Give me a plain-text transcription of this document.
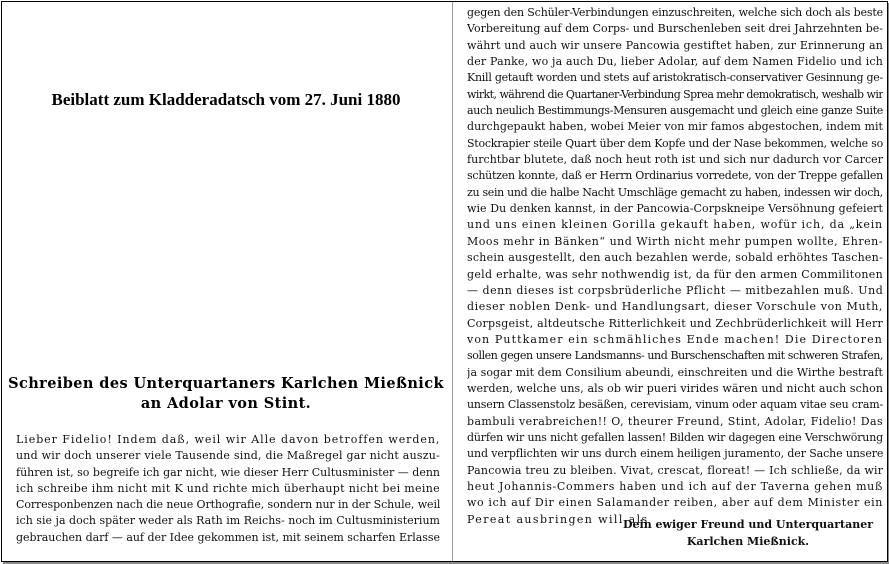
Beiblatt zum Kladderadatsch vom 27. Juni 1880
Schreiben des Unterquartaners Karlchen Mießnick
an Adolar von Stint.
Lieber Fidelio! Indem daß, weil wir Alle davon betroffen werden,
und wir doch unserer viele Tausende sind, die Maßregel gar nicht auszu-
führen ist, so begreife ich gar nicht, wie dieser Herr Cultusminister — denn
ich schreibe ihm nicht mit K und richte mich überhaupt nicht bei meine
Corresponbenzen nach die neue Orthografie, sondern nur in der Schule, weil
ich sie ja doch später weder als Rath im Reichs- noch im Cultusministerium
gebrauchen darf — auf der Idee gekommen ist, mit seinem scharfen Erlasse
gegen den Schüler-Verbindungen einzuschreiten, welche sich doch als beste
Vorbereitung auf dem Corps- und Burschenleben seit drei Jahrzehnten be-
währt und auch wir unsere Pancowia gestiftet haben, zur Erinnerung an
der Panke, wo ja auch Du, lieber Adolar, auf dem Namen Fidelio und ich
Knill getauft worden und stets auf aristokratisch-conservativer Gesinnung ge-
wirkt, während die Quartaner-Verbindung Sprea mehr demokratisch, weshalb wir
auch neulich Bestimmungs-Mensuren ausgemacht und gleich eine ganze Suite
durchgepaukt haben, wobei Meier von mir famos abgestochen, indem mit
Stockrapier steile Quart über dem Kopfe und der Nase bekommen, welche so
furchtbar blutete, daß noch heut roth ist und sich nur dadurch vor Carcer
schützen konnte, daß er Herrn Ordinarius vorredete, von der Treppe gefallen
zu sein und die halbe Nacht Umschläge gemacht zu haben, indessen wir doch,
wie Du denken kannst, in der Pancowia-Corpskneipe Versöhnung gefeiert
und uns einen kleinen Gorilla gekauft haben, wofür ich, da „kein
Moos mehr in Bänken“ und Wirth nicht mehr pumpen wollte, Ehren-
schein ausgestellt, den auch bezahlen werde, sobald erhöhtes Taschen-
geld erhalte, was sehr nothwendig ist, da für den armen Commilitonen
— denn dieses ist corpsbrüderliche Pflicht — mitbezahlen muß. Und
dieser noblen Denk- und Handlungsart, dieser Vorschule von Muth,
Corpsgeist, altdeutsche Ritterlichkeit und Zechbrüderlichkeit will Herr
von Puttkamer ein schmähliches Ende machen! Die Directoren
sollen gegen unsere Landsmanns- und Burschenschaften mit schweren Strafen,
ja sogar mit dem Consilium abeundi, einschreiten und die Wirthe bestraft
werden, welche uns, als ob wir pueri virides wären und nicht auch schon
unsern Classenstolz besäßen, cerevisiam, vinum oder aquam vitae seu cram-
bambuli verabreichen!! O, theurer Freund, Stint, Adolar, Fidelio! Das
dürfen wir uns nicht gefallen lassen! Bilden wir dagegen eine Verschwörung
und verpflichten wir uns durch einem heiligen juramento, der Sache unsere
Pancowia treu zu bleiben. Vivat, crescat, floreat! — Ich schließe, da wir
heut Johannis-Commers haben und ich auf der Taverna gehen muß
wo ich auf Dir einen Salamander reiben, aber auf dem Minister ein
Pereat ausbringen will als
Dein ewiger Freund und Unterquartaner
Karlchen Mießnick.
